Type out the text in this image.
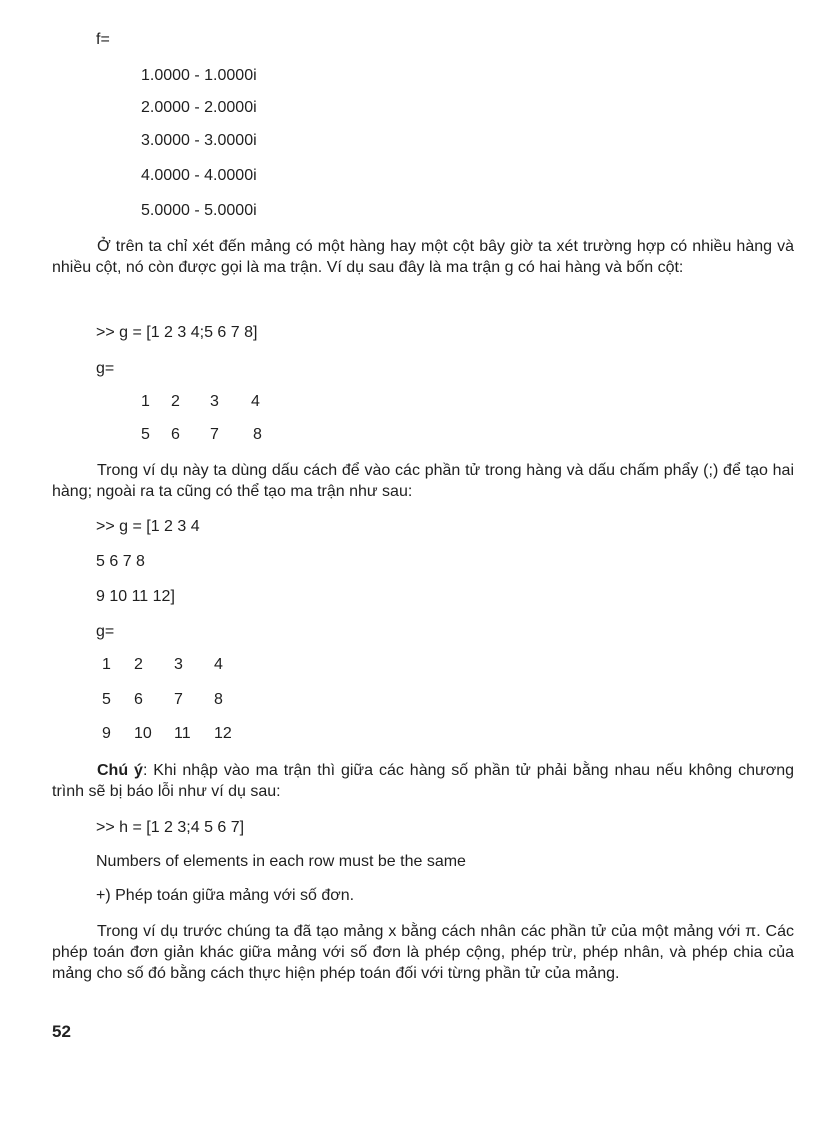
f=
1.0000 - 1.0000i
2.0000 - 2.0000i
3.0000 - 3.0000i
4.0000 - 4.0000i
5.0000 - 5.0000i
Ở trên ta chỉ xét đến mảng có một hàng hay một cột bây giờ ta xét trường hợp có nhiều hàng và nhiều cột, nó còn được gọi là ma trận. Ví dụ sau đây là ma trận g có hai hàng và bốn cột:
>> g = [1 2 3 4;5 6 7 8]
g=
1	2	3	4
5	6	7	8
Trong ví dụ này ta dùng dấu cách để vào các phần tử trong hàng và dấu chấm phẩy (;) để tạo hai hàng; ngoài ra ta cũng có thể tạo ma trận như sau:
>> g = [1 2 3 4
5 6 7 8
9 10 11 12]
g=
1	2	3	4
5	6	7	8
9	10	11	12
Chú ý: Khi nhập vào ma trận thì giữa các hàng số phần tử phải bằng nhau nếu không chương trình sẽ bị báo lỗi như ví dụ sau:
>> h = [1 2 3;4 5 6 7]
Numbers of elements in each row must be the same
+) Phép toán giữa mảng với số đơn.
Trong ví dụ trước chúng ta đã tạo mảng x bằng cách nhân các phần tử của một mảng với π. Các phép toán đơn giản khác giữa mảng với số đơn là phép cộng, phép trừ, phép nhân, và phép chia của mảng cho số đó bằng cách thực hiện phép toán đối với từng phần tử của mảng.
52
